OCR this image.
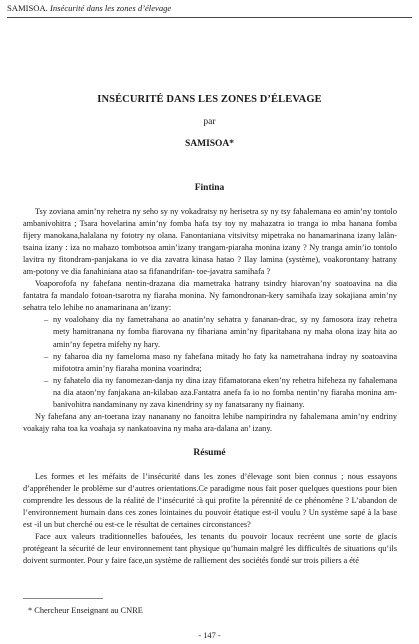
SAMISOA. Insécurité dans les zones d’élevage
INSÉCURITÉ DANS LES ZONES D’ÉLEVAGE
par
SAMISOA*
Fintina

Tsy zoviana amin’ny rehetra ny seho sy ny vokadratsy ny herisetra sy ny tsy fahalemana eo amin’ny tontolo ambanivohitra ; Tsara hovelarina amin’ny fomba hafa tsy toy ny mahazatra io tranga io mba hanana fomba fijery manokana,halalana ny fototry ny olana. Fanontaniana vitsivitsy mipetraka no hanamarinana izany lalàn-tsaina izany : iza no mahazo tombotsoa amin’izany trangam-piaraha monina izany ? Ny tranga amin’io tontolo lavitra ny fitondram-panjakana io ve dia zavatra kinasa hatao ? Ilay lamina (système), voakorontany hatrany am-potony ve dia fanahiniana atao sa fifanandrifan- toe-javatra samihafa ?

Voaporofofa ny fahefana nentin-drazana dia mametraka hatrany tsindry hiarovan’ny soatoavina na dia fantatra fa mandalo fotoan-tsarotra ny fiaraha monina. Ny famondronan-kery samihafa izay sokajiana amin’ny sehatra telo lehibe no anamarinana an’izany:

– ny voalohany dia ny fametrahana ao anatin’ny sehatra y fananan-drac, sy ny famosora izay rehetra mety hamitranana ny fomba fiarovana ny fihariana amin’ny fiparitahana ny maha olona izay hita ao amin’ny fepetra mifehy ny hary.
– ny faharoa dia ny fameloma maso ny fahefana mitady ho faty ka nametrahana indray ny soatoavina mifototra amin’ny fiaraha monina voarindra;
– ny fahatelo dia ny fanomezan-danja ny dina izay fifamatorana eken’ny rehetra hifeheza ny fahalemana na dia ataon’ny fanjakana an-kilabao aza.Fantatra anefa fa io no fomba nentin’ny fiaraha monina am-banivohitra nandaminany ny zava kinendriny sy ny fanatsarany ny fiainany.

Ny fahefana any an-toerana izay nananany no fanoitra lehibe nampirindra ny fahalemana amin’ny endriny voakajy raha toa ka voahaja sy nankatoavina ny maha ara-dalana an’ izany.

Résumé

Les formes et les méfaits de l’insécurité dans les zones d’élevage sont bien connus ; nous essayons d’appréhender le problème sur d’autres orientations.Ce paradigme nous fait poser quelques questions pour bien comprendre les dessous de la réalité de l’insécurité :à qui profite la pérennité de ce phénomène ? L’abandon de l’environnement humain dans ces zones lointaines du pouvoir étatique est-il voulu ? Un système sapé à la base est -il un but cherché ou est-ce le résultat de certaines circonstances?

Face aux valeurs traditionnelles bafouées, les tenants du pouvoir locaux recréent une sorte de glacis protégeant la sécurité de leur environnement tant physique qu’humain malgré les difficultés de situations qu’ils doivent surmonter. Pour y faire face,un système de ralliement des sociétés fondé sur trois piliers a été

* Chercheur Enseignant au CNRE
- 147 -
